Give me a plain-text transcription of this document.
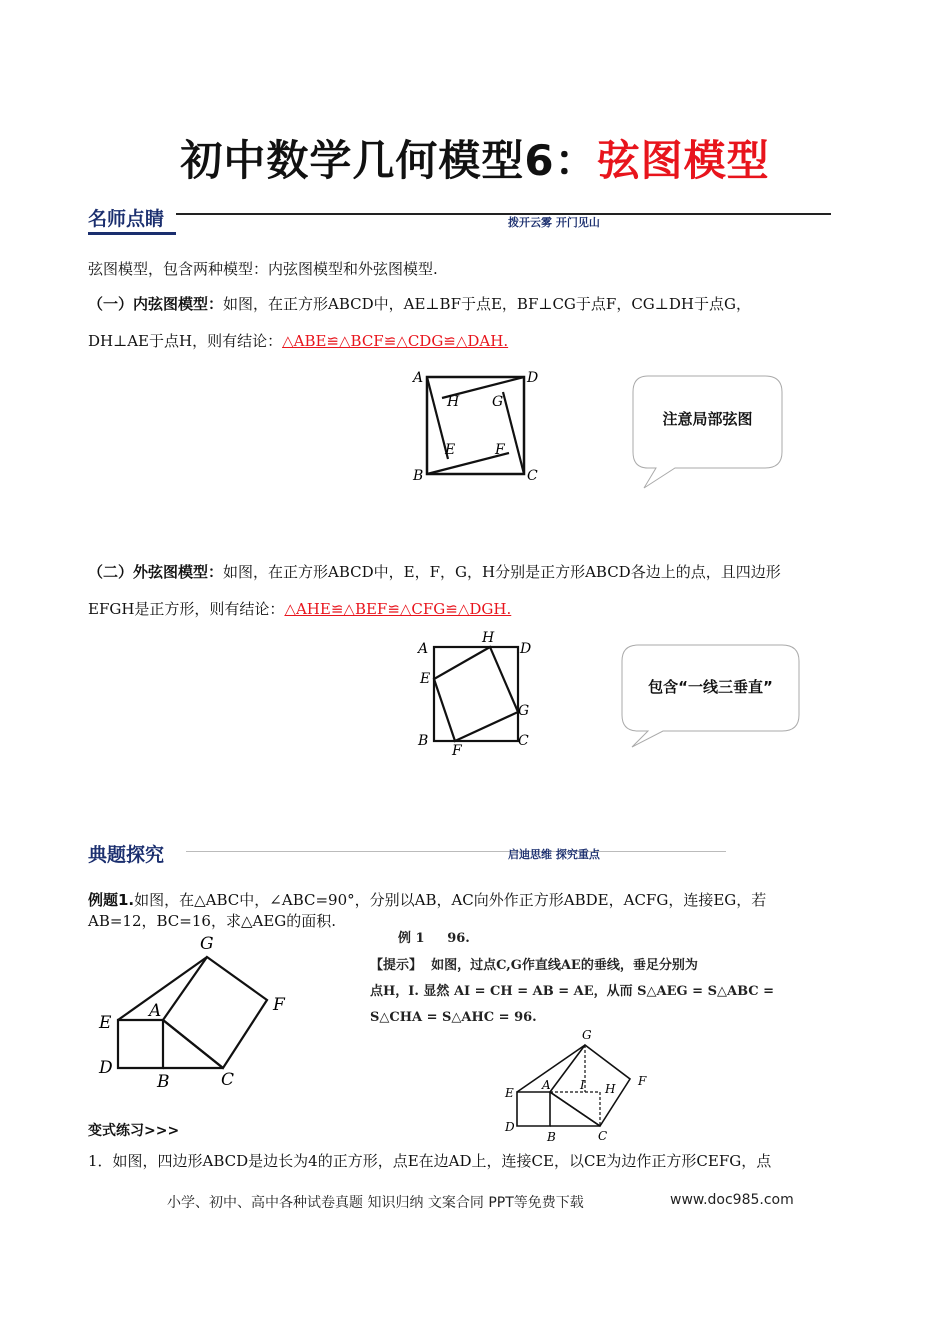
初中数学几何模型6：弦图模型
名师点睛	拨开云雾 开门见山
弦图模型，包含两种模型：内弦图模型和外弦图模型.
（一）内弦图模型：如图，在正方形ABCD中，AE⊥BF于点E，BF⊥CG于点F，CG⊥DH于点G，
DH⊥AE于点H，则有结论：△ABE≌△BCF≌△CDG≌△DAH.
A
B	C
D
E	F
G
H
注意局部弦图
（二）外弦图模型：如图，在正方形ABCD中，E，F，G，H分别是正方形ABCD各边上的点，且四边形
EFGH是正方形，则有结论：△AHE≌△BEF≌△CFG≌△DGH.
A
B	C
D
E
F
G
H
包含“一线三垂直”
典题探究	启迪思维 探究重点
例题1.如图，在△ABC中，∠ABC=90°，分别以AB，AC向外作正方形ABDE，ACFG，连接EG，若
AB=12，BC=16，求△AEG的面积.
G
A
E
F
D
B	C
例 1 96.
【提示】 如图，过点C,G作直线AE的垂线，垂足分别为
点H，I. 显然 AI = CH = AB = AE，从而 S△AEG = S△ABC =
S△CHA = S△AHC = 96.
G
A I H
E
F
D
B	C
变式练习>>>
1．如图，四边形ABCD是边长为4的正方形，点E在边AD上，连接CE，以CE为边作正方形CEFG，点
小学、初中、高中各种试卷真题 知识归纳 文案合同 PPT等免费下载	www.doc985.com
